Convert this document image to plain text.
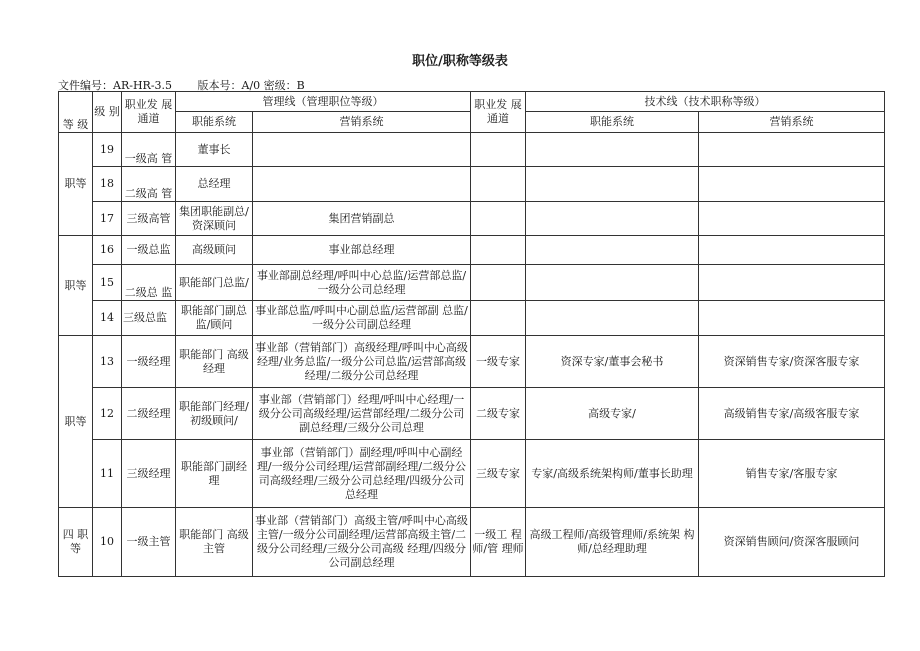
职位/职称等级表
文件编号：AR-HR-3.5 版本号：A/0 密级：B
等 级	级 别	职业发 展通道	管理线（管理职位等级）		职业发 展通道	技术线（技术职称等级）	
			职能系统	营销系统		职能系统	营销系统
职等	19	一级高 管	董事长				
	18	二级高 管	总经理				
	17	三级高管	集团职能副总/资深顾问	集团营销副总			
职等	16	一级总监	高级顾问	事业部总经理			
	15	二级总 监	职能部门总监/	事业部副总经理/呼叫中心总监/运营部总监/一级分公司总经理			
	14	三级总监	职能部门副总监/顾问	事业部总监/呼叫中心副总监/运营部副 总监/一级分公司副总经理			
职等	13	一级经理	职能部门 高级经理	事业部（营销部门）高级经理/呼叫中心高级经理/业务总监/一级分公司总监/运营部高级经理/二级分公司总经理	一级专家	资深专家/董事会秘书	资深销售专家/资深客服专家
	12	二级经理	职能部门经理/初级顾问/	事业部（营销部门）经理/呼叫中心经理/一级分公司高级经理/运营部经理/二级分公司副总经理/三级分公司总理	二级专家	高级专家/	高级销售专家/高级客服专家
	11	三级经理	职能部门副经理	事业部（营销部门）副经理/呼叫中心副经理/一级分公司经理/运营部副经理/二级分公司高级经理/三级分公司总经理/四级分公司总经理	三级专家	专家/高级系统架构师/董事长助理	销售专家/客服专家
四 职等	10	一级主管	职能部门 高级主管	事业部（营销部门）高级主管/呼叫中心高级主管/一级分公司副经理/运营部高级主管/二级分公司经理/三级分公司高级 经理/四级分公司副总经理	一级工 程师/管 理师	高级工程师/高级管理师/系统架 构师/总经理助理	资深销售顾问/资深客服顾问
